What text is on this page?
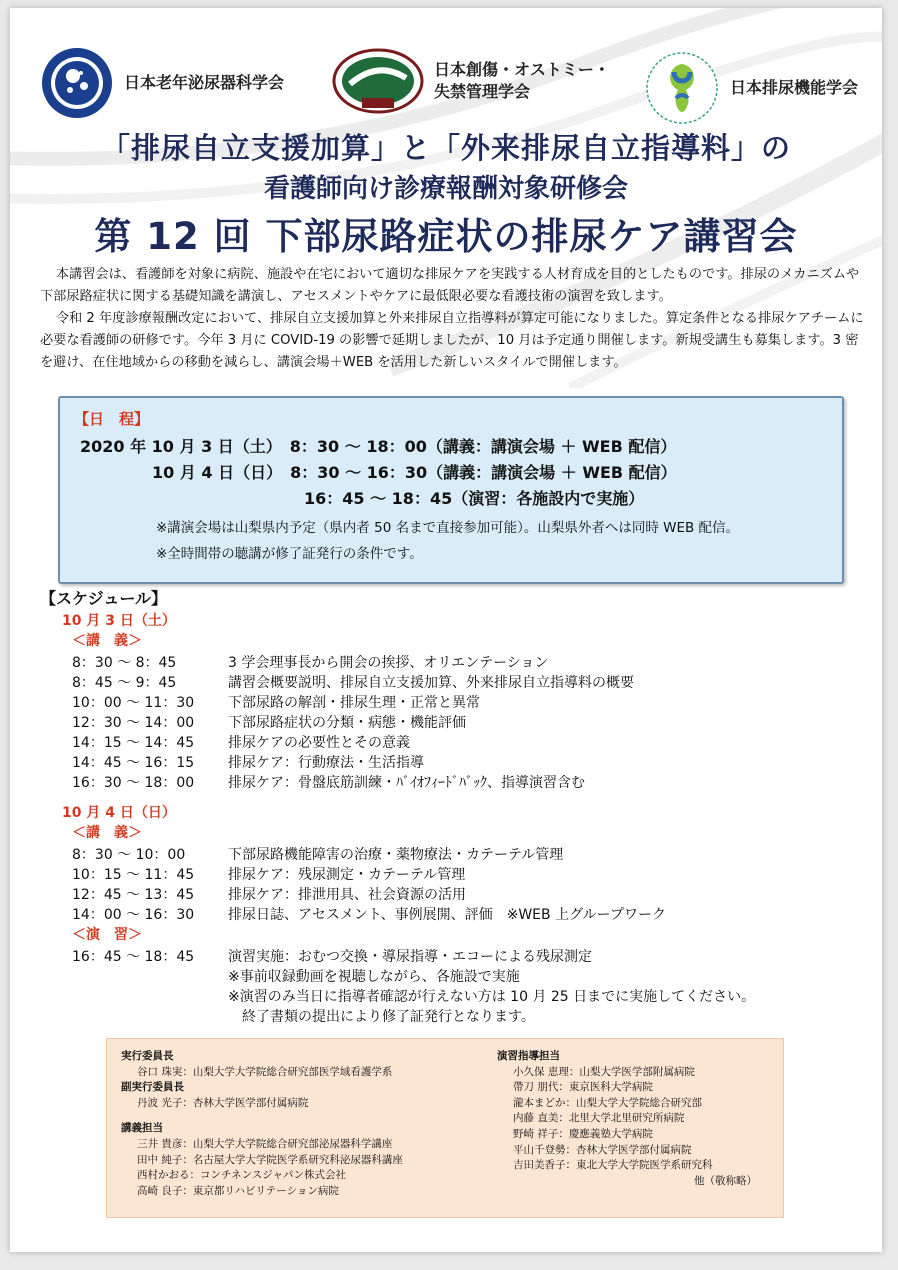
日本老年泌尿器科学会
日本創傷・オストミー・
失禁管理学会	日本排尿機能学会
「排尿自立支援加算」と「外来排尿自立指導料」の
看護師向け診療報酬対象研修会
第 12 回 下部尿路症状の排尿ケア講習会

本講習会は、看護師を対象に病院、施設や在宅において適切な排尿ケアを実践する人材育成を目的としたものです。排尿のメカニズムや下部尿路症状に関する基礎知識を講演し、アセスメントやケアに最低限必要な看護技術の演習を致します。

令和 2 年度診療報酬改定において、排尿自立支援加算と外来排尿自立指導料が算定可能になりました。算定条件となる排尿ケアチームに必要な看護師の研修です。今年 3 月に COVID-19 の影響で延期しましたが、10 月は予定通り開催します。新規受講生も募集します。3 密を避け、在住地域からの移動を減らし、講演会場＋WEB を活用した新しいスタイルで開催します。

【日　程】
2020 年 10 月 3 日（土）　8：30 ～ 18：00（講義：講演会場 ＋ WEB 配信）
10 月 4 日（日）　8：30 ～ 16：30（講義：講演会場 ＋ WEB 配信）
16：45 ～ 18：45（演習：各施設内で実施）
※講演会場は山梨県内予定（県内者 50 名まで直接参加可能）。山梨県外者へは同時 WEB 配信。
※全時間帯の聴講が修了証発行の条件です。
【スケジュール】
10 月 3 日（土）
＜講　義＞
8：30 ～ 8：45	3 学会理事長から開会の挨拶、オリエンテーション
8：45 ～ 9：45	講習会概要説明、排尿自立支援加算、外来排尿自立指導料の概要
10：00 ～ 11：30	下部尿路の解剖・排尿生理・正常と異常
12：30 ～ 14：00	下部尿路症状の分類・病態・機能評価
14：15 ～ 14：45	排尿ケアの必要性とその意義
14：45 ～ 16：15	排尿ケア：行動療法・生活指導
16：30 ～ 18：00	排尿ケア：骨盤底筋訓練・ﾊﾞｲｵﾌｨｰﾄﾞﾊﾞｯｸ、指導演習含む
10 月 4 日（日）
＜講　義＞
8：30 ～ 10：00	下部尿路機能障害の治療・薬物療法・カテーテル管理
10：15 ～ 11：45	排尿ケア：残尿測定・カテーテル管理
12：45 ～ 13：45	排尿ケア：排泄用具、社会資源の活用
14：00 ～ 16：30	排尿日誌、アセスメント、事例展開、評価　※WEB 上グループワーク
＜演　習＞
16：45 ～ 18：45	演習実施：おむつ交換・導尿指導・エコーによる残尿測定
※事前収録動画を視聴しながら、各施設で実施
※演習のみ当日に指導者確認が行えない方は 10 月 25 日までに実施してください。
　終了書類の提出により修了証発行となります。
実行委員長
谷口 珠実：山梨大学大学院総合研究部医学域看護学系
副実行委員長
丹波 光子：杏林大学医学部付属病院
講義担当
三井 貴彦：山梨大学大学院総合研究部泌尿器科学講座
田中 純子：名古屋大学大学院医学系研究科泌尿器科講座
西村かおる：コンチネンスジャパン株式会社
高崎 良子：東京都リハビリテーション病院
演習指導担当
小久保 恵理：山梨大学医学部附属病院
帶刀 朋代：東京医科大学病院
瀧本まどか：山梨大学大学院総合研究部
内藤 直美：北里大学北里研究所病院
野崎 祥子：慶應義塾大学病院
平山千登勢：杏林大学医学部付属病院
吉田美香子：東北大学大学院医学系研究科
他（敬称略）
